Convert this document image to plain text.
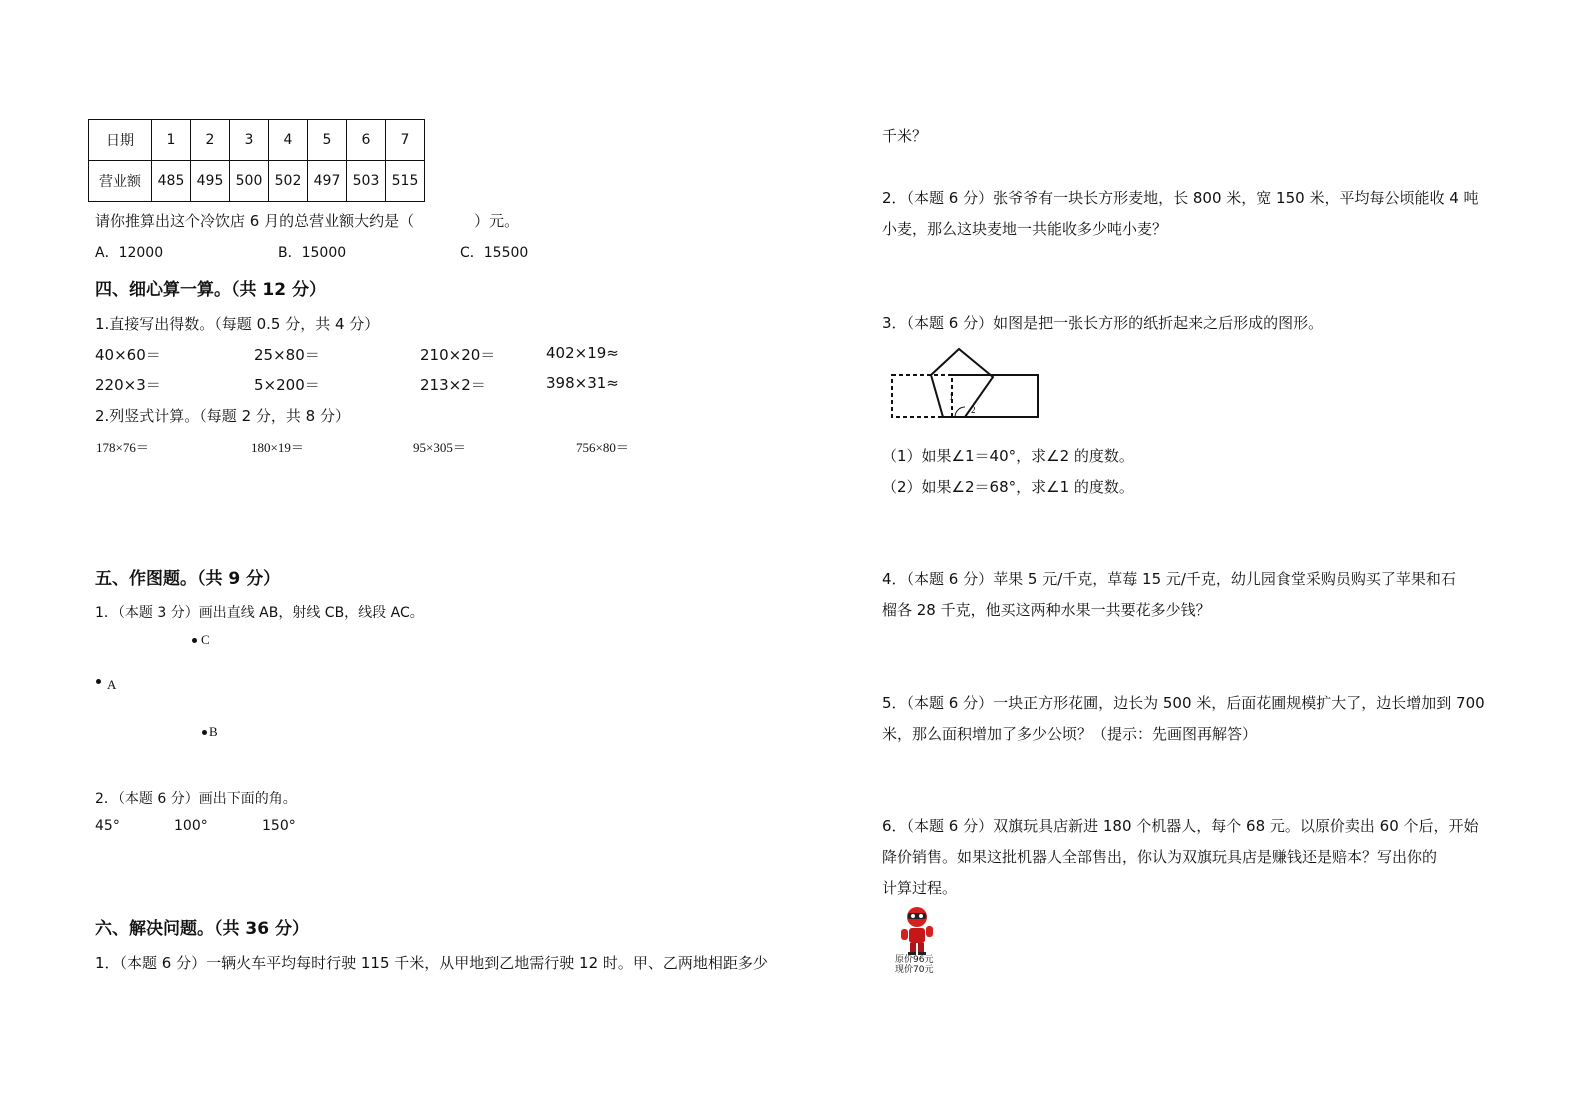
日期	1	2	3	4	5	6	7
营业额	485	495	500	502	497	503	515
请你推算出这个冷饮店 6 月的总营业额大约是（　　　　）元。
A．12000	B．15000	C．15500
四、细心算一算。（共 12 分）
1.直接写出得数。（每题 0.5 分，共 4 分）
40×60＝	25×80＝	210×20＝	402×19≈
220×3＝	5×200＝	213×2＝	398×31≈
2.列竖式计算。（每题 2 分，共 8 分）
178×76＝	180×19＝	95×305＝	756×80＝
五、作图题。（共 9 分）
1．（本题 3 分）画出直线 AB，射线 CB，线段 AC。
C
A
B
2．（本题 6 分）画出下面的角。
45°	100°	150°
六、解决问题。（共 36 分）
1．（本题 6 分）一辆火车平均每时行驶 115 千米，从甲地到乙地需行驶 12 时。甲、乙两地相距多少
千米？
2．（本题 6 分）张爷爷有一块长方形麦地，长 800 米，宽 150 米，平均每公顷能收 4 吨
小麦，那么这块麦地一共能收多少吨小麦？
3．（本题 6 分）如图是把一张长方形的纸折起来之后形成的图形。
1
2
（1）如果∠1＝40°，求∠2 的度数。
（2）如果∠2＝68°，求∠1 的度数。
4．（本题 6 分）苹果 5 元/千克，草莓 15 元/千克，幼儿园食堂采购员购买了苹果和石
榴各 28 千克，他买这两种水果一共要花多少钱？
5．（本题 6 分）一块正方形花圃，边长为 500 米，后面花圃规模扩大了，边长增加到 700
米，那么面积增加了多少公顷？（提示：先画图再解答）
6．（本题 6 分）双旗玩具店新进 180 个机器人，每个 68 元。以原价卖出 60 个后，开始
降价销售。如果这批机器人全部售出，你认为双旗玩具店是赚钱还是赔本？写出你的
计算过程。
原价96元
现价70元
